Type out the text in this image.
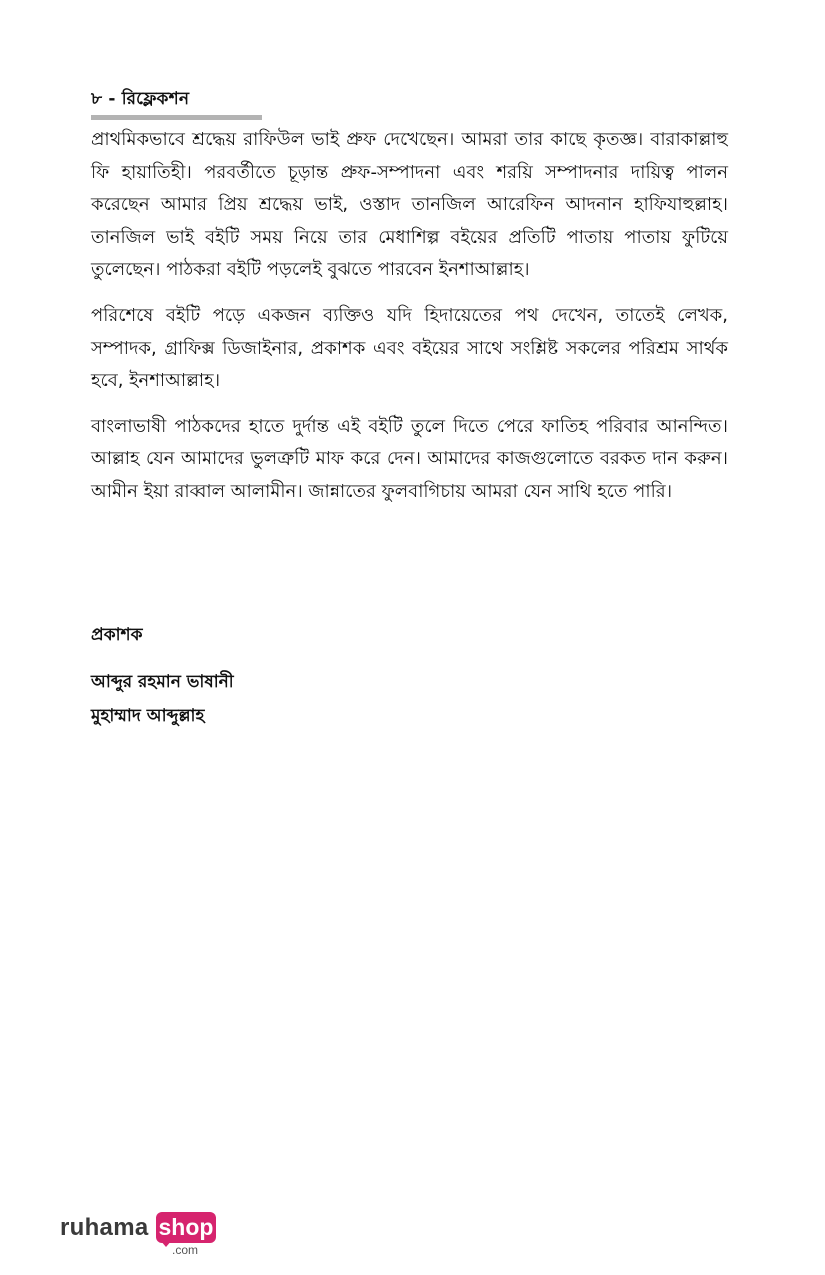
৮ - রিফ্লেকশন

প্রাথমিকভাবে শ্রদ্ধেয় রাফিউল ভাই প্রুফ দেখেছেন। আমরা তার কাছে কৃতজ্ঞ। বারাকাল্লাহু ফি হায়াতিহী। পরবর্তীতে চূড়ান্ত প্রুফ-সম্পাদনা এবং শরয়ি সম্পাদনার দায়িত্ব পালন করেছেন আমার প্রিয় শ্রদ্ধেয় ভাই, ওস্তাদ তানজিল আরেফিন আদনান হাফিযাহুল্লাহ। তানজিল ভাই বইটি সময় নিয়ে তার মেধাশিল্প বইয়ের প্রতিটি পাতায় পাতায় ফুটিয়ে তুলেছেন। পাঠকরা বইটি পড়লেই বুঝতে পারবেন ইনশাআল্লাহ।

পরিশেষে বইটি পড়ে একজন ব্যক্তিও যদি হিদায়েতের পথ দেখেন, তাতেই লেখক, সম্পাদক, গ্রাফিক্স ডিজাইনার, প্রকাশক এবং বইয়ের সাথে সংশ্লিষ্ট সকলের পরিশ্রম সার্থক হবে, ইনশাআল্লাহ।

বাংলাভাষী পাঠকদের হাতে দুর্দান্ত এই বইটি তুলে দিতে পেরে ফাতিহ পরিবার আনন্দিত। আল্লাহ যেন আমাদের ভুলত্রুটি মাফ করে দেন। আমাদের কাজগুলোতে বরকত দান করুন। আমীন ইয়া রাব্বাল আলামীন। জান্নাতের ফুলবাগিচায় আমরা যেন সাথি হতে পারি।

প্রকাশক
আব্দুর রহমান ভাষানী
মুহাম্মাদ আব্দুল্লাহ
ruhama shop
.com
